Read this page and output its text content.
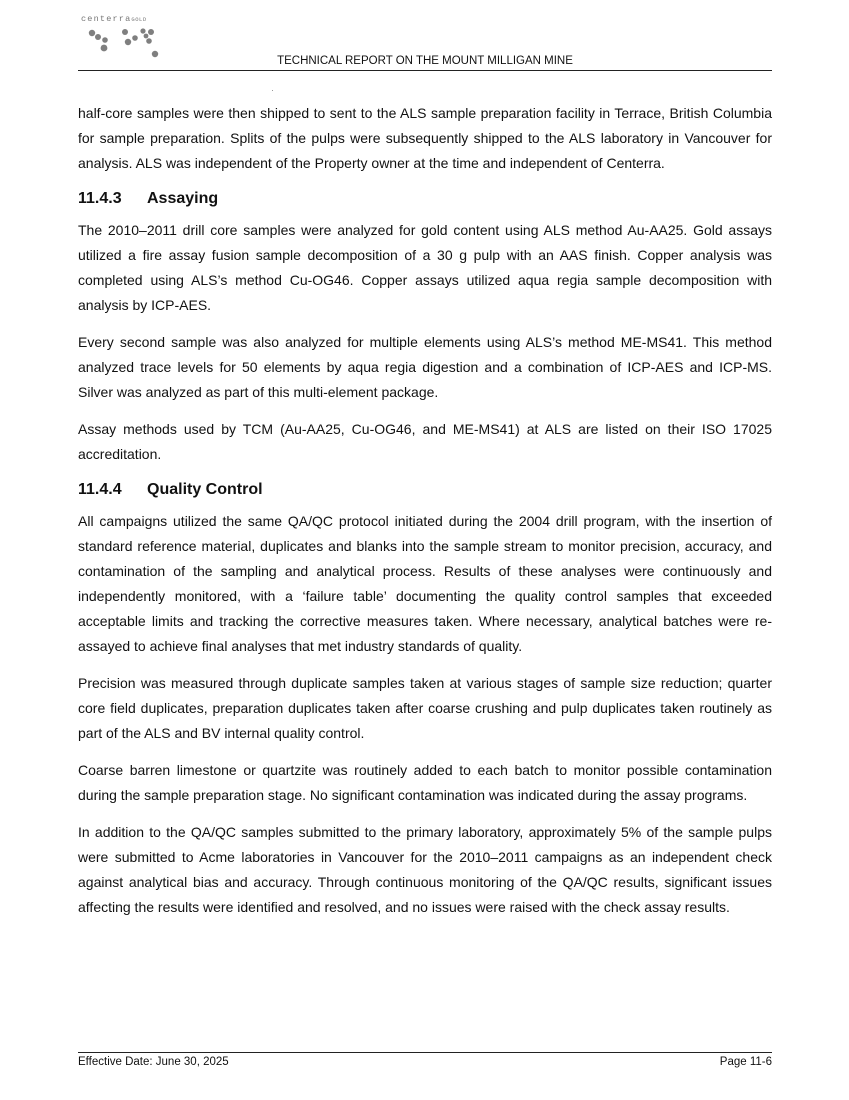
centerraGOLD
TECHNICAL REPORT ON THE MOUNT MILLIGAN MINE

half-core samples were then shipped to sent to the ALS sample preparation facility in Terrace, British Columbia for sample preparation. Splits of the pulps were subsequently shipped to the ALS laboratory in Vancouver for analysis. ALS was independent of the Property owner at the time and independent of Centerra.

11.4.3 Assaying

The 2010–2011 drill core samples were analyzed for gold content using ALS method Au-AA25. Gold assays utilized a fire assay fusion sample decomposition of a 30 g pulp with an AAS finish. Copper analysis was completed using ALS’s method Cu-OG46. Copper assays utilized aqua regia sample decomposition with analysis by ICP-AES.

Every second sample was also analyzed for multiple elements using ALS’s method ME-MS41. This method analyzed trace levels for 50 elements by aqua regia digestion and a combination of ICP-AES and ICP-MS. Silver was analyzed as part of this multi-element package.

Assay methods used by TCM (Au-AA25, Cu-OG46, and ME-MS41) at ALS are listed on their ISO 17025 accreditation.

11.4.4 Quality Control

All campaigns utilized the same QA/QC protocol initiated during the 2004 drill program, with the insertion of standard reference material, duplicates and blanks into the sample stream to monitor precision, accuracy, and contamination of the sampling and analytical process. Results of these analyses were continuously and independently monitored, with a ‘failure table’ documenting the quality control samples that exceeded acceptable limits and tracking the corrective measures taken. Where necessary, analytical batches were re-assayed to achieve final analyses that met industry standards of quality.

Precision was measured through duplicate samples taken at various stages of sample size reduction; quarter core field duplicates, preparation duplicates taken after coarse crushing and pulp duplicates taken routinely as part of the ALS and BV internal quality control.

Coarse barren limestone or quartzite was routinely added to each batch to monitor possible contamination during the sample preparation stage. No significant contamination was indicated during the assay programs.

In addition to the QA/QC samples submitted to the primary laboratory, approximately 5% of the sample pulps were submitted to Acme laboratories in Vancouver for the 2010–2011 campaigns as an independent check against analytical bias and accuracy. Through continuous monitoring of the QA/QC results, significant issues affecting the results were identified and resolved, and no issues were raised with the check assay results.

Effective Date: June 30, 2025	Page 11-6
